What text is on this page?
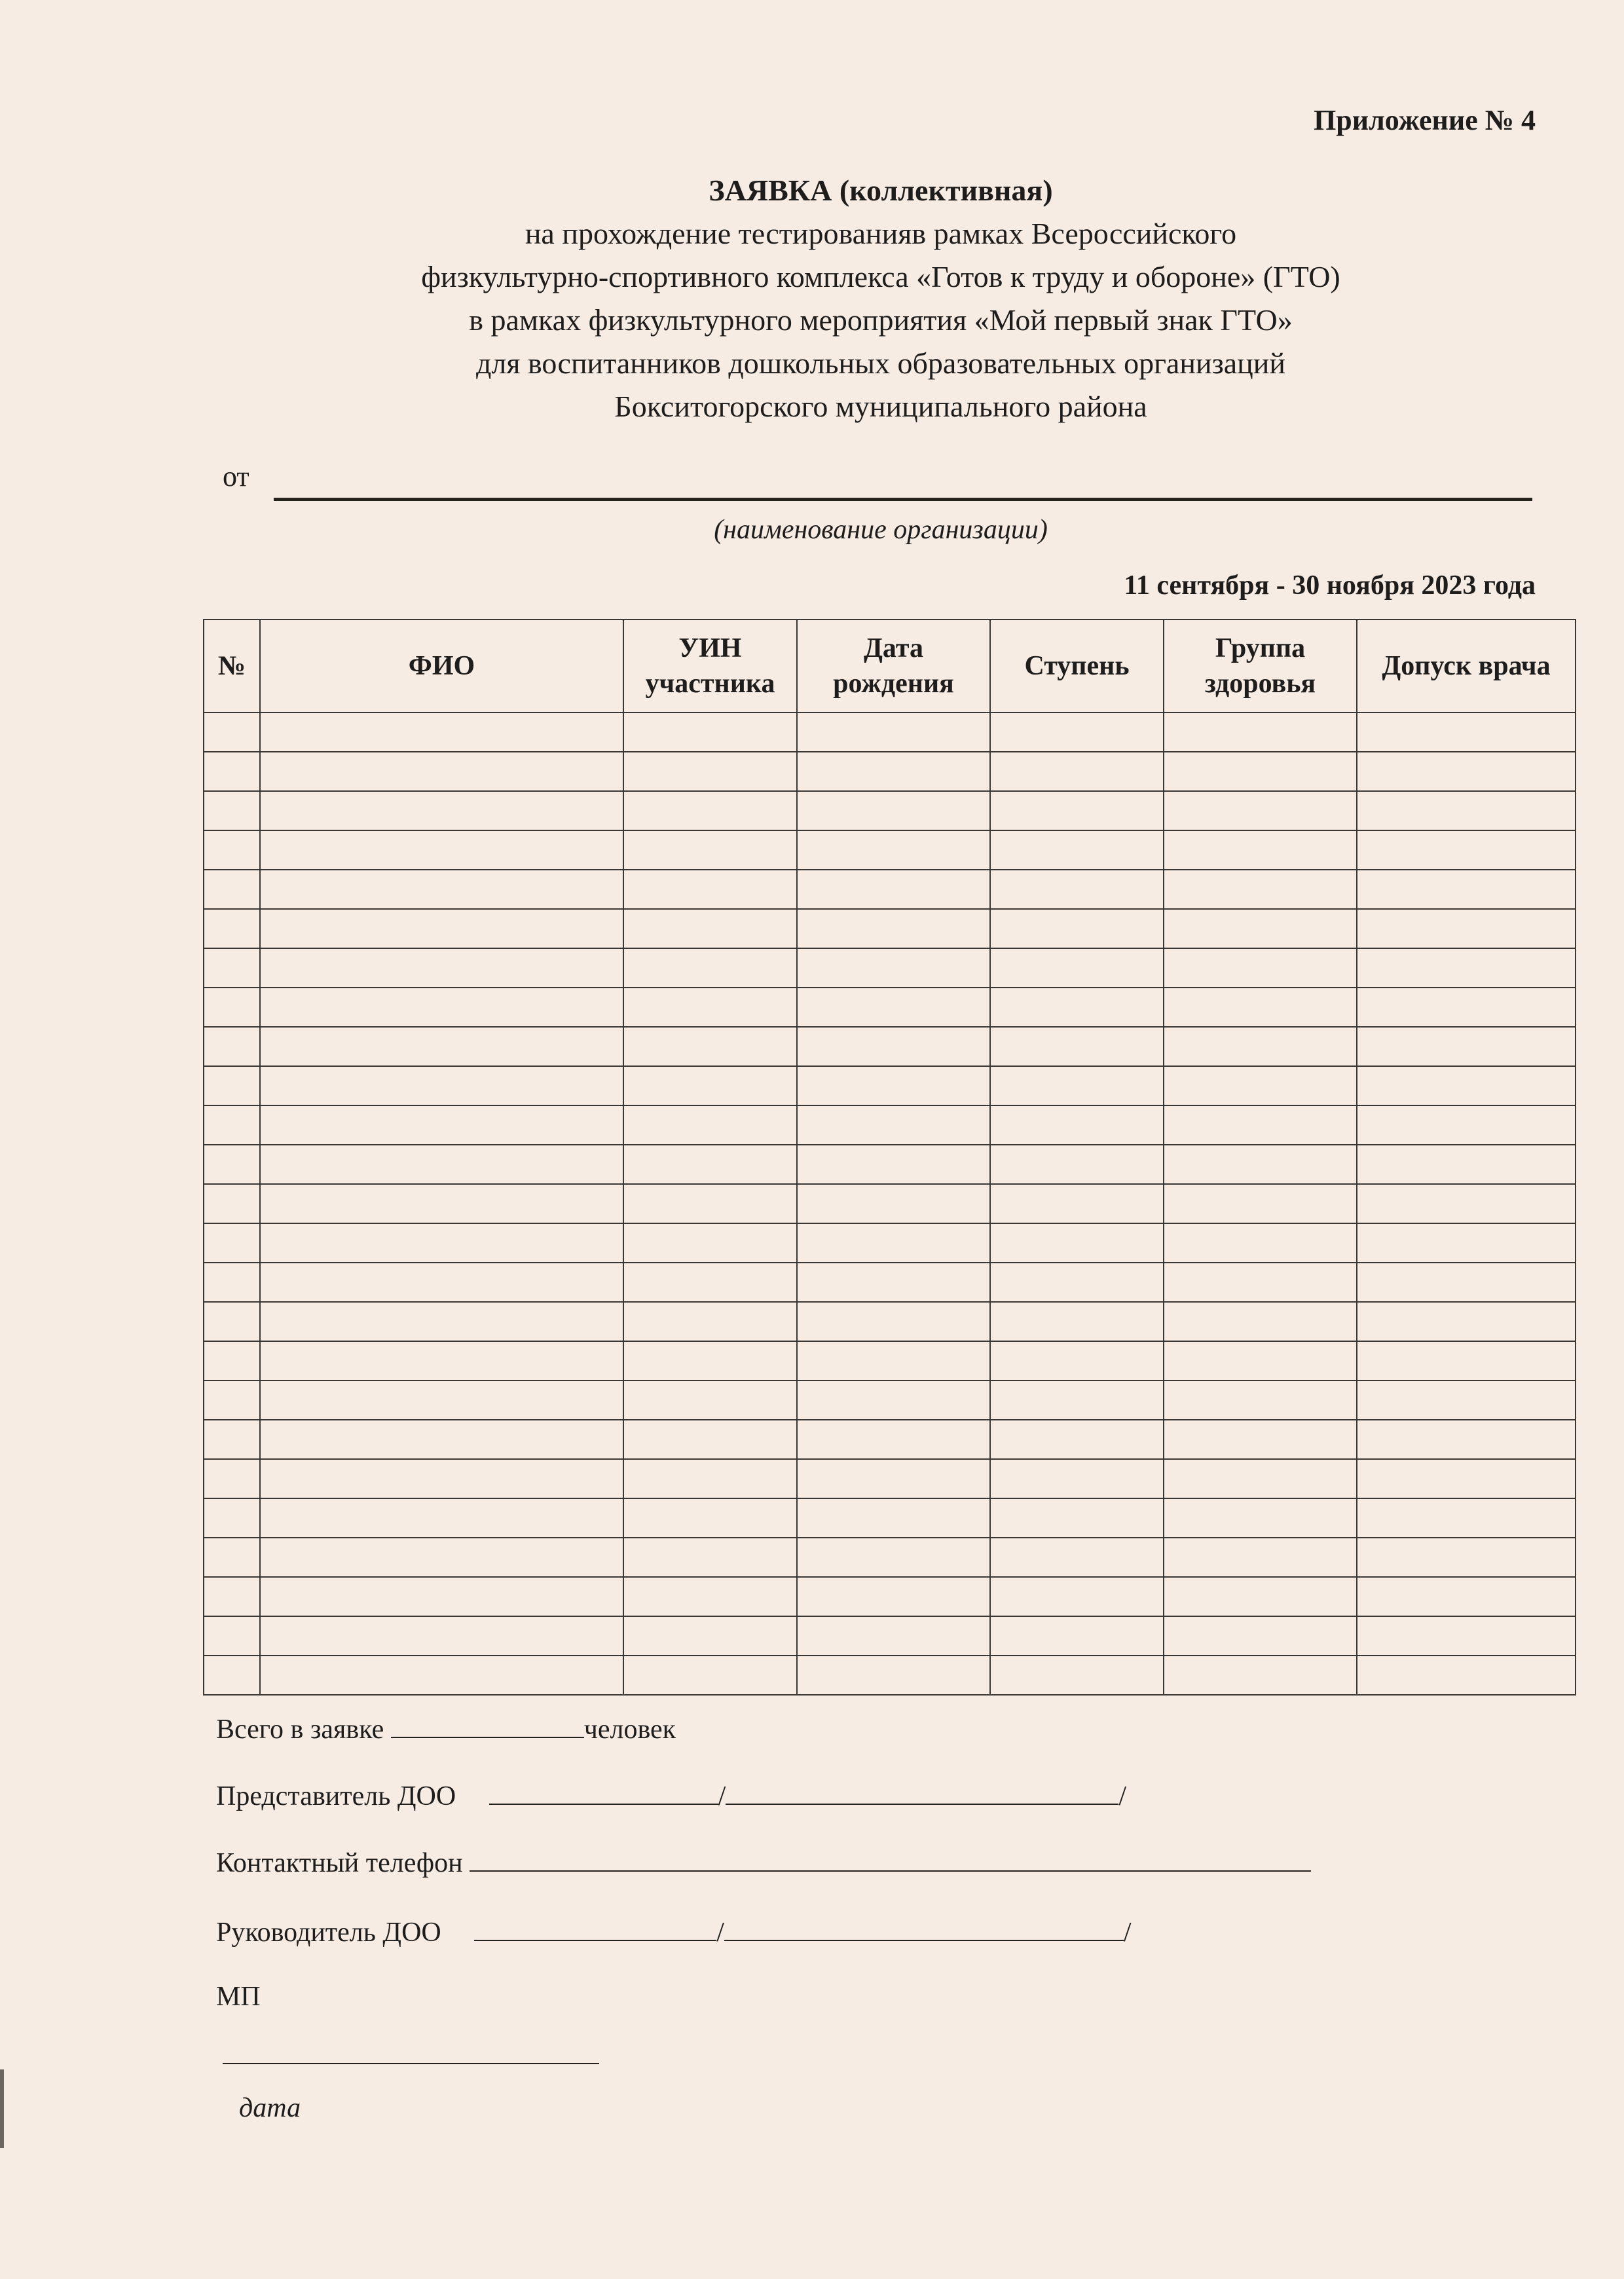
Приложение № 4
ЗАЯВКА (коллективная)
на прохождение тестированияв рамках Всероссийского
физкультурно-спортивного комплекса «Готов к труду и обороне» (ГТО)
в рамках физкультурного мероприятия «Мой первый знак ГТО»
для воспитанников дошкольных образовательных организаций
Бокситогорского муниципального района
от
(наименование организации)
11 сентября - 30 ноября 2023 года
№	ФИО	УИН участника	Дата рождения	Ступень	Группа здоровья	Допуск врача

Всего в заявке	человек
Представитель ДОО	/	/
Контактный телефон
Руководитель ДОО	/	/
МП
дата
